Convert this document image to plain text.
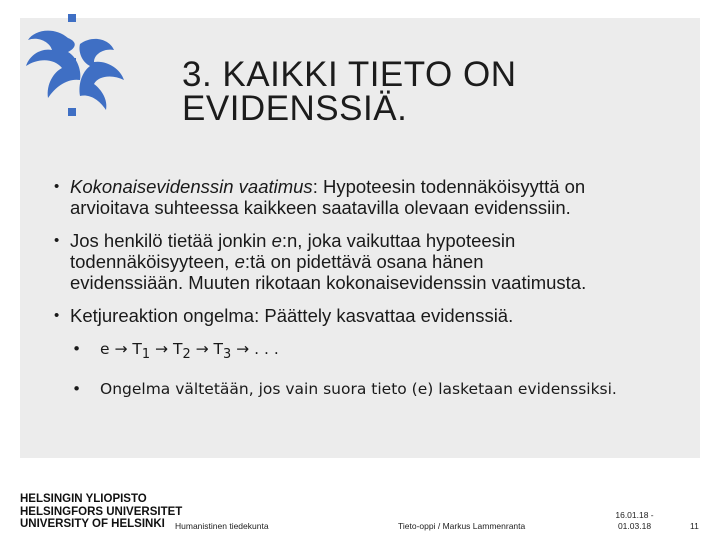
3. KAIKKI TIETO ON
EVIDENSSIÄ.
• Kokonaisevidenssin vaatimus: Hypoteesin todennäköisyyttä on
arvioitava suhteessa kaikkeen saatavilla olevaan evidenssiin.
• Jos henkilö tietää jonkin e:n, joka vaikuttaa hypoteesin
todennäköisyyteen, e:tä on pidettävä osana hänen
evidenssiään. Muuten rikotaan kokonaisevidenssin vaatimusta.
• Ketjureaktion ongelma: Päättely kasvattaa evidenssiä.
• $e \to T_1 \to T_2 \to T_3$ → . . .
• Ongelma vältetään, jos vain suora tieto (e) lasketaan evidenssiksi.
HELSINGIN YLIOPISTO
HELSINGFORS UNIVERSITET
UNIVERSITY OF HELSINKI	Humanistinen tiedekunta	Tieto-oppi / Markus Lammenranta
16.01.18 -
01.03.18	11
